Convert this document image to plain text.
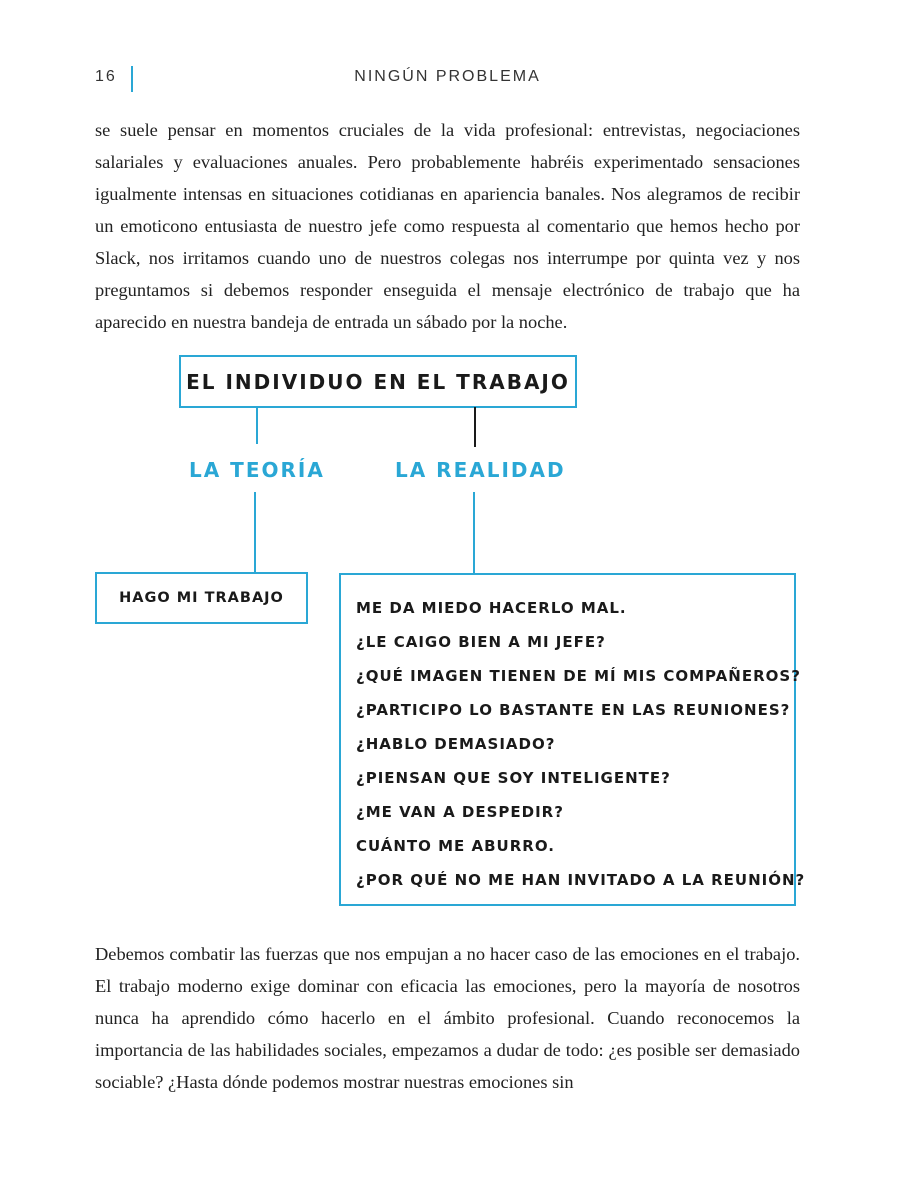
16	NINGÚN PROBLEMA

se suele pensar en momentos cruciales de la vida profesional: entrevistas, negociaciones salariales y evaluaciones anuales. Pero probablemente habréis experimentado sensaciones igualmente intensas en situaciones cotidianas en apariencia banales. Nos alegramos de recibir un emoticono entusiasta de nuestro jefe como respuesta al comentario que hemos hecho por Slack, nos irritamos cuando uno de nuestros colegas nos interrumpe por quinta vez y nos preguntamos si debemos responder enseguida el mensaje electrónico de trabajo que ha aparecido en nuestra bandeja de entrada un sábado por la noche.

EL INDIVIDUO EN EL TRABAJO
LA TEORÍA	LA REALIDAD
HAGO MI TRABAJO
ME DA MIEDO HACERLO MAL.
¿LE CAIGO BIEN A MI JEFE?
¿QUÉ IMAGEN TIENEN DE MÍ MIS COMPAÑEROS?
¿PARTICIPO LO BASTANTE EN LAS REUNIONES?
¿HABLO DEMASIADO?
¿PIENSAN QUE SOY INTELIGENTE?
¿ME VAN A DESPEDIR?
CUÁNTO ME ABURRO.
¿POR QUÉ NO ME HAN INVITADO A LA REUNIÓN?

Debemos combatir las fuerzas que nos empujan a no hacer caso de las emociones en el trabajo. El trabajo moderno exige dominar con eficacia las emociones, pero la mayoría de nosotros nunca ha aprendido cómo hacerlo en el ámbito profesional. Cuando reconocemos la importancia de las habilidades sociales, empezamos a dudar de todo: ¿es posible ser demasiado sociable? ¿Hasta dónde podemos mostrar nuestras emociones sin
